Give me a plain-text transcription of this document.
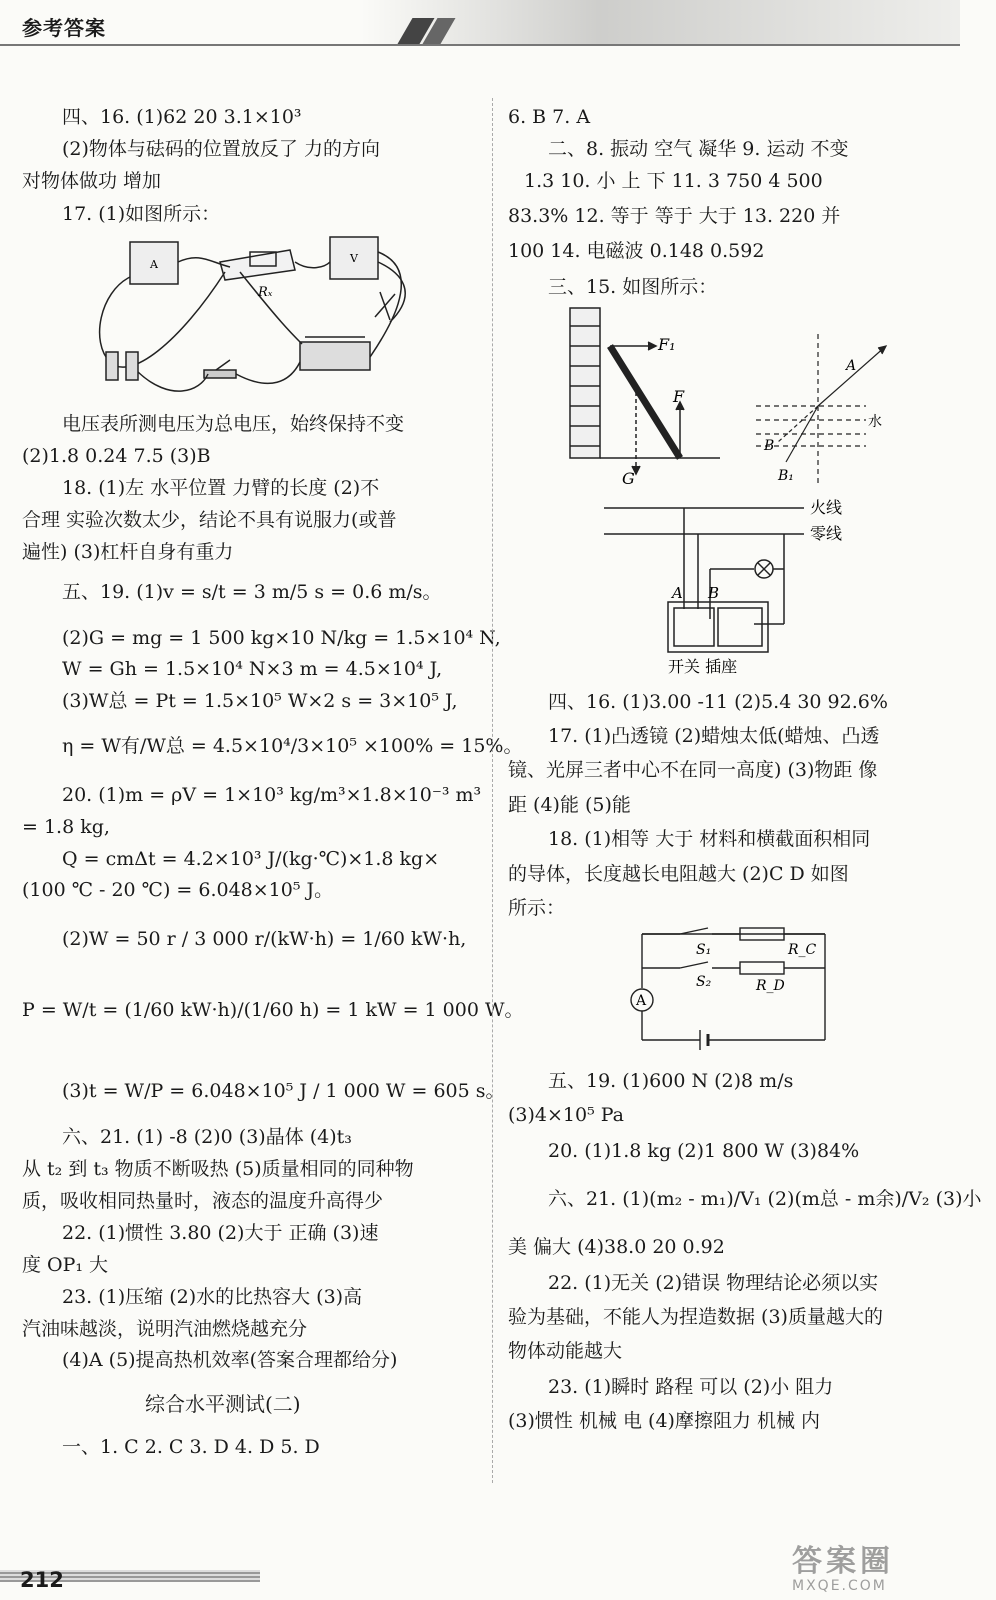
参考答案
四、16. (1)62 20 3.1×10³
(2)物体与砝码的位置放反了 力的方向
对物体做功 增加
17. (1)如图所示：
A	V
Rₓ
电压表所测电压为总电压，始终保持不变
(2)1.8 0.24 7.5 (3)B
18. (1)左 水平位置 力臂的长度 (2)不
合理 实验次数太少，结论不具有说服力(或普
遍性) (3)杠杆自身有重力
五、19. (1)v = s/t = 3 m/5 s = 0.6 m/s。
(2)G = mg = 1 500 kg×10 N/kg = 1.5×10⁴ N,
W = Gh = 1.5×10⁴ N×3 m = 4.5×10⁴ J,
(3)W总 = Pt = 1.5×10⁵ W×2 s = 3×10⁵ J,
η = W有/W总 = 4.5×10⁴/3×10⁵ ×100% = 15%。
20. (1)m = ρV = 1×10³ kg/m³×1.8×10⁻³ m³
= 1.8 kg,
Q = cmΔt = 4.2×10³ J/(kg·℃)×1.8 kg×
(100 ℃ - 20 ℃) = 6.048×10⁵ J。
(2)W = 50 r / 3 000 r/(kW·h) = 1/60 kW·h,
P = W/t = (1/60 kW·h)/(1/60 h) = 1 kW = 1 000 W。
(3)t = W/P = 6.048×10⁵ J / 1 000 W = 605 s。
六、21. (1) -8 (2)0 (3)晶体 (4)t₃
从 t₂ 到 t₃ 物质不断吸热 (5)质量相同的同种物
质，吸收相同热量时，液态的温度升高得少
22. (1)惯性 3.80 (2)大于 正确 (3)速
度 OP₁ 大
23. (1)压缩 (2)水的比热容大 (3)高
汽油味越淡，说明汽油燃烧越充分
(4)A (5)提高热机效率(答案合理都给分)
综合水平测试(二)
一、1. C 2. C 3. D 4. D 5. D
6. B 7. A
二、8. 振动 空气 凝华 9. 运动 不变
1.3 10. 小 上 下 11. 3 750 4 500
83.3% 12. 等于 等于 大于 13. 220 并
100 14. 电磁波 0.148 0.592
三、15. 如图所示：
F₁
F
G
A
水
B
B₁
火线
零线
A B
开关 插座
四、16. (1)3.00 -11 (2)5.4 30 92.6%
17. (1)凸透镜 (2)蜡烛太低(蜡烛、凸透
镜、光屏三者中心不在同一高度) (3)物距 像
距 (4)能 (5)能
18. (1)相等 大于 材料和横截面积相同
的导体，长度越长电阻越大 (2)C D 如图
所示：
A
S₁
S₂
R_C
R_D
五、19. (1)600 N (2)8 m/s
(3)4×10⁵ Pa
20. (1)1.8 kg (2)1 800 W (3)84%
六、21. (1)(m₂ - m₁)/V₁ (2)(m总 - m余)/V₂ (3)小
美 偏大 (4)38.0 20 0.92
22. (1)无关 (2)错误 物理结论必须以实
验为基础，不能人为捏造数据 (3)质量越大的
物体动能越大
23. (1)瞬时 路程 可以 (2)小 阻力
(3)惯性 机械 电 (4)摩擦阻力 机械 内
212
答案圈
MXQE.COM
